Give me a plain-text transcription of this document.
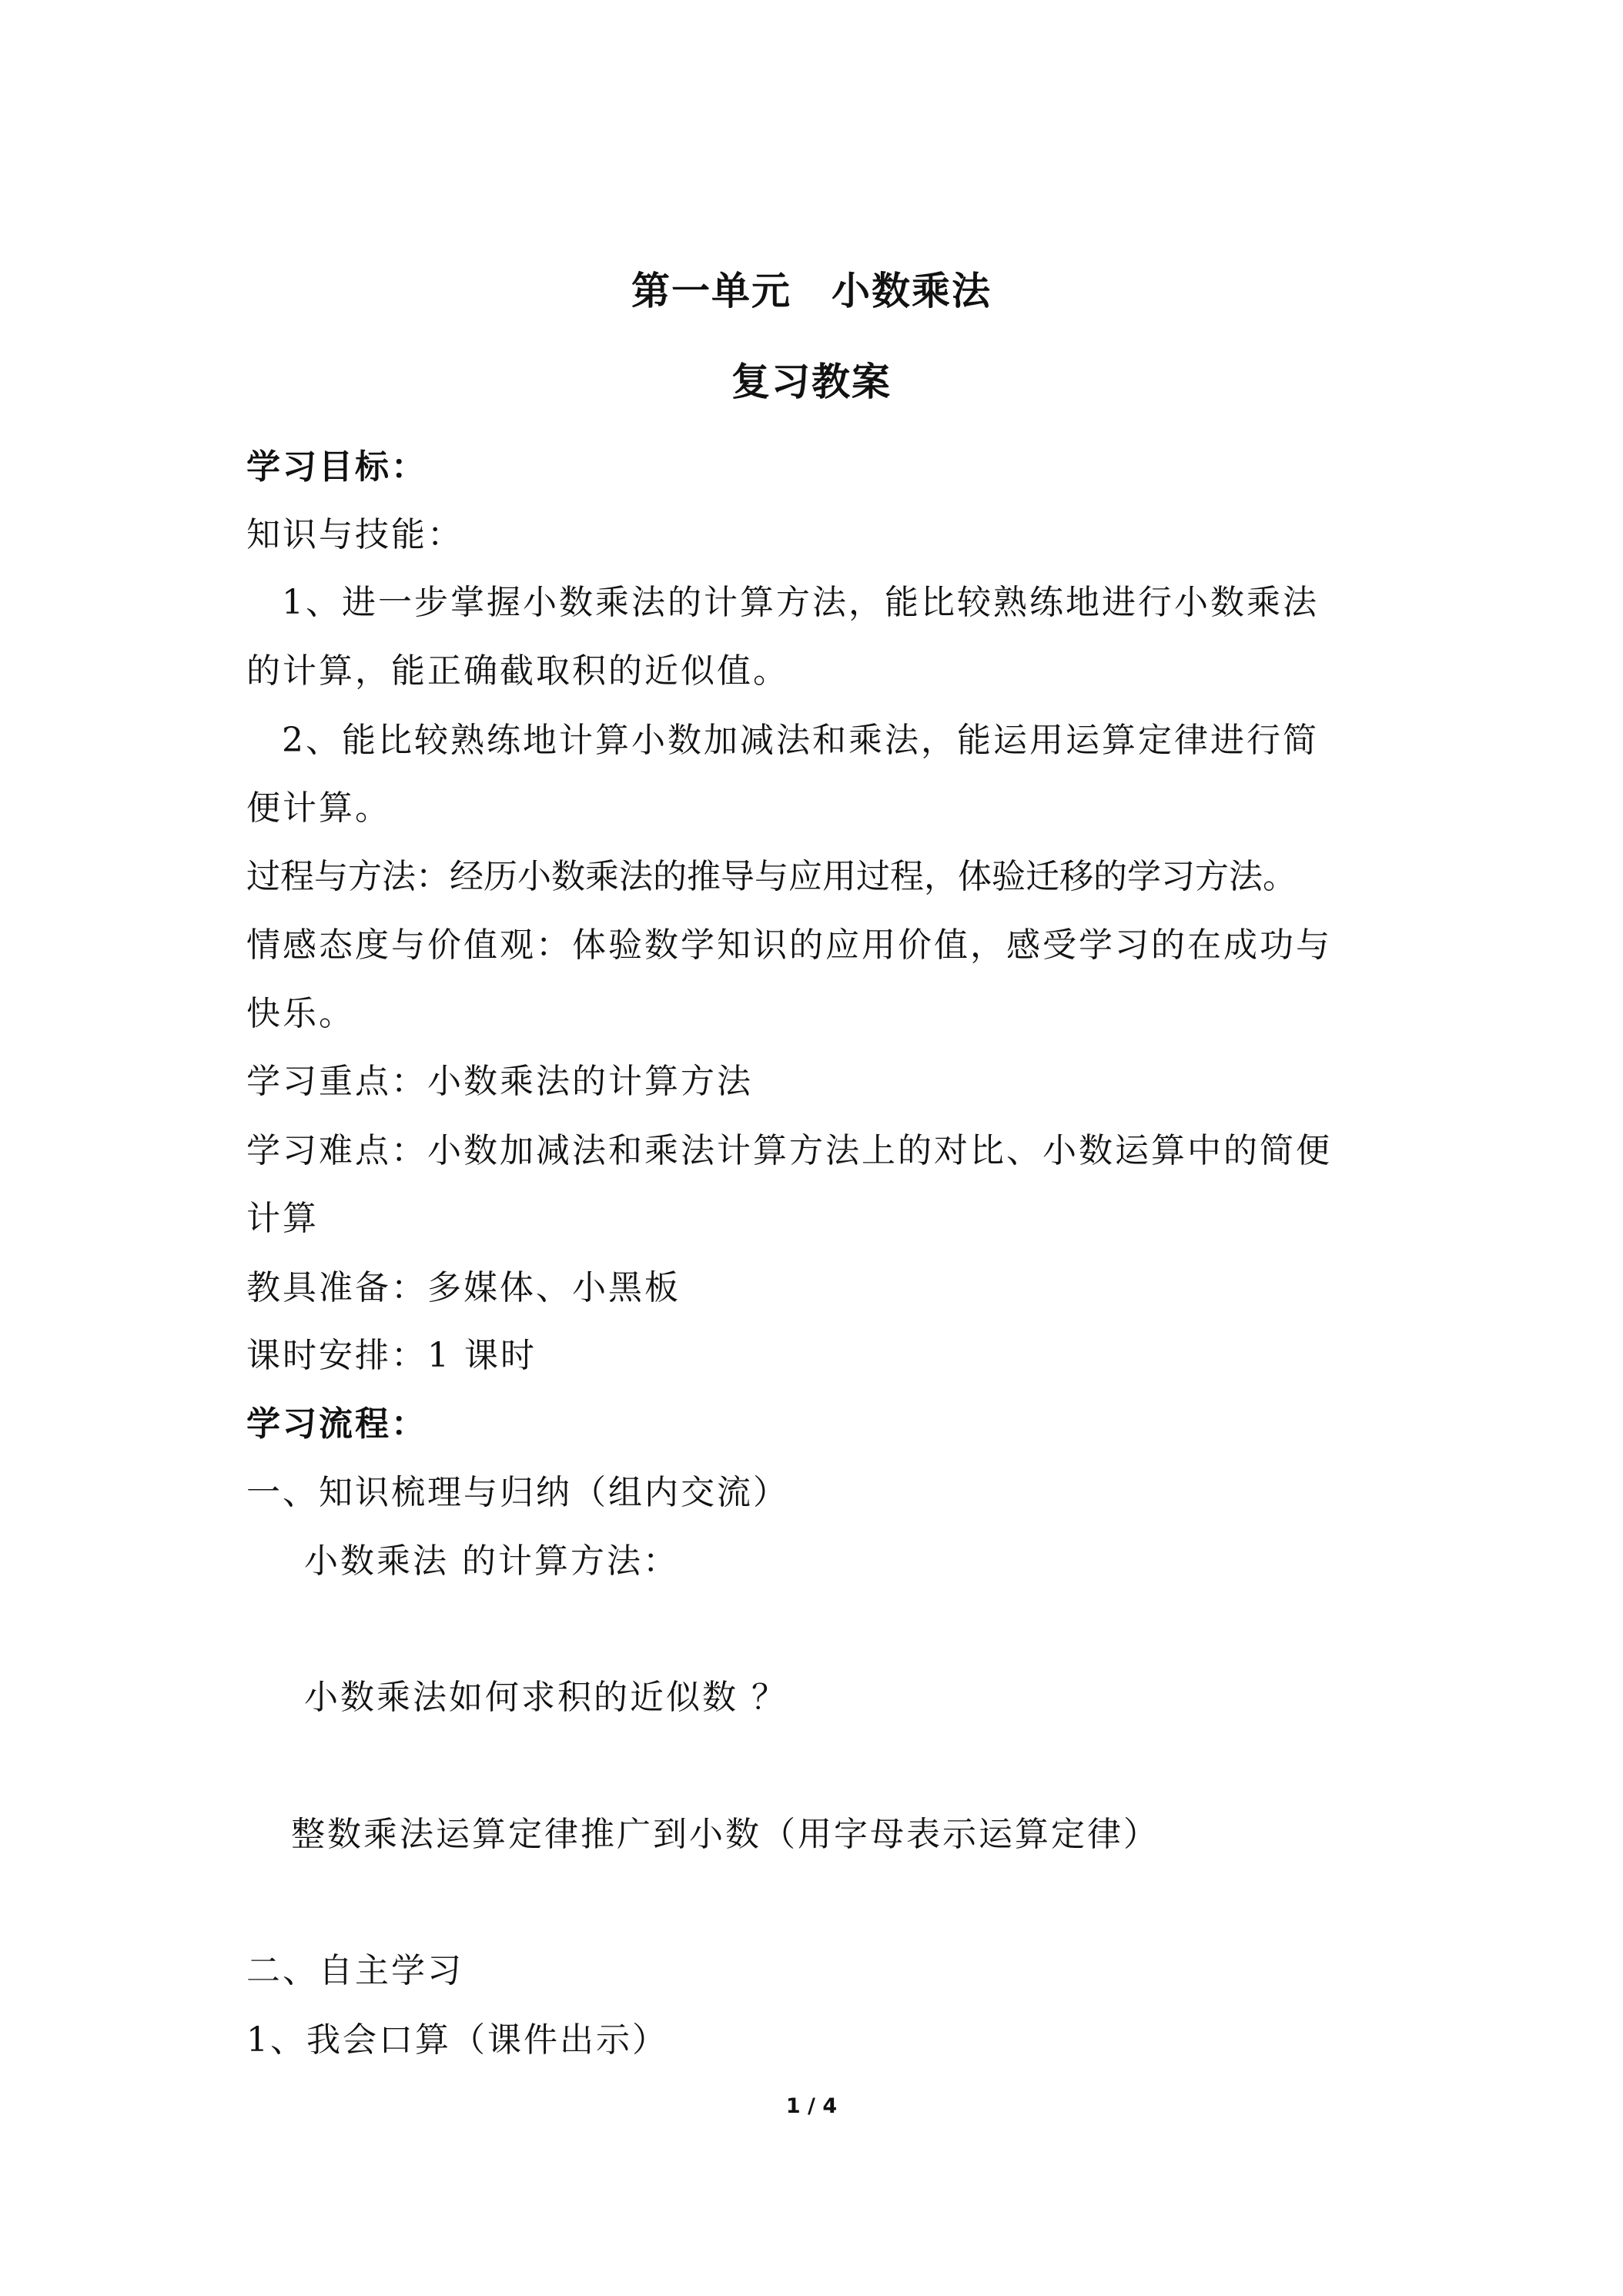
第一单元　小数乘法
复习教案
学习目标：
知识与技能：
1、进一步掌握小数乘法的计算方法，能比较熟练地进行小数乘法
的计算，能正确截取积的近似值。
2、能比较熟练地计算小数加减法和乘法，能运用运算定律进行简
便计算。
过程与方法：经历小数乘法的推导与应用过程，体验迁移的学习方法。
情感态度与价值观：体验数学知识的应用价值，感受学习的在成功与
快乐。
学习重点：小数乘法的计算方法
学习难点：小数加减法和乘法计算方法上的对比、小数运算中的简便
计算
教具准备：多媒体、小黑板
课时安排：1 课时
学习流程：
一、知识梳理与归纳（组内交流）
小数乘法 的计算方法：
小数乘法如何求积的近似数 ？
整数乘法运算定律推广到小数（用字母表示运算定律）
二、自主学习
1、我会口算（课件出示）
1 / 4
